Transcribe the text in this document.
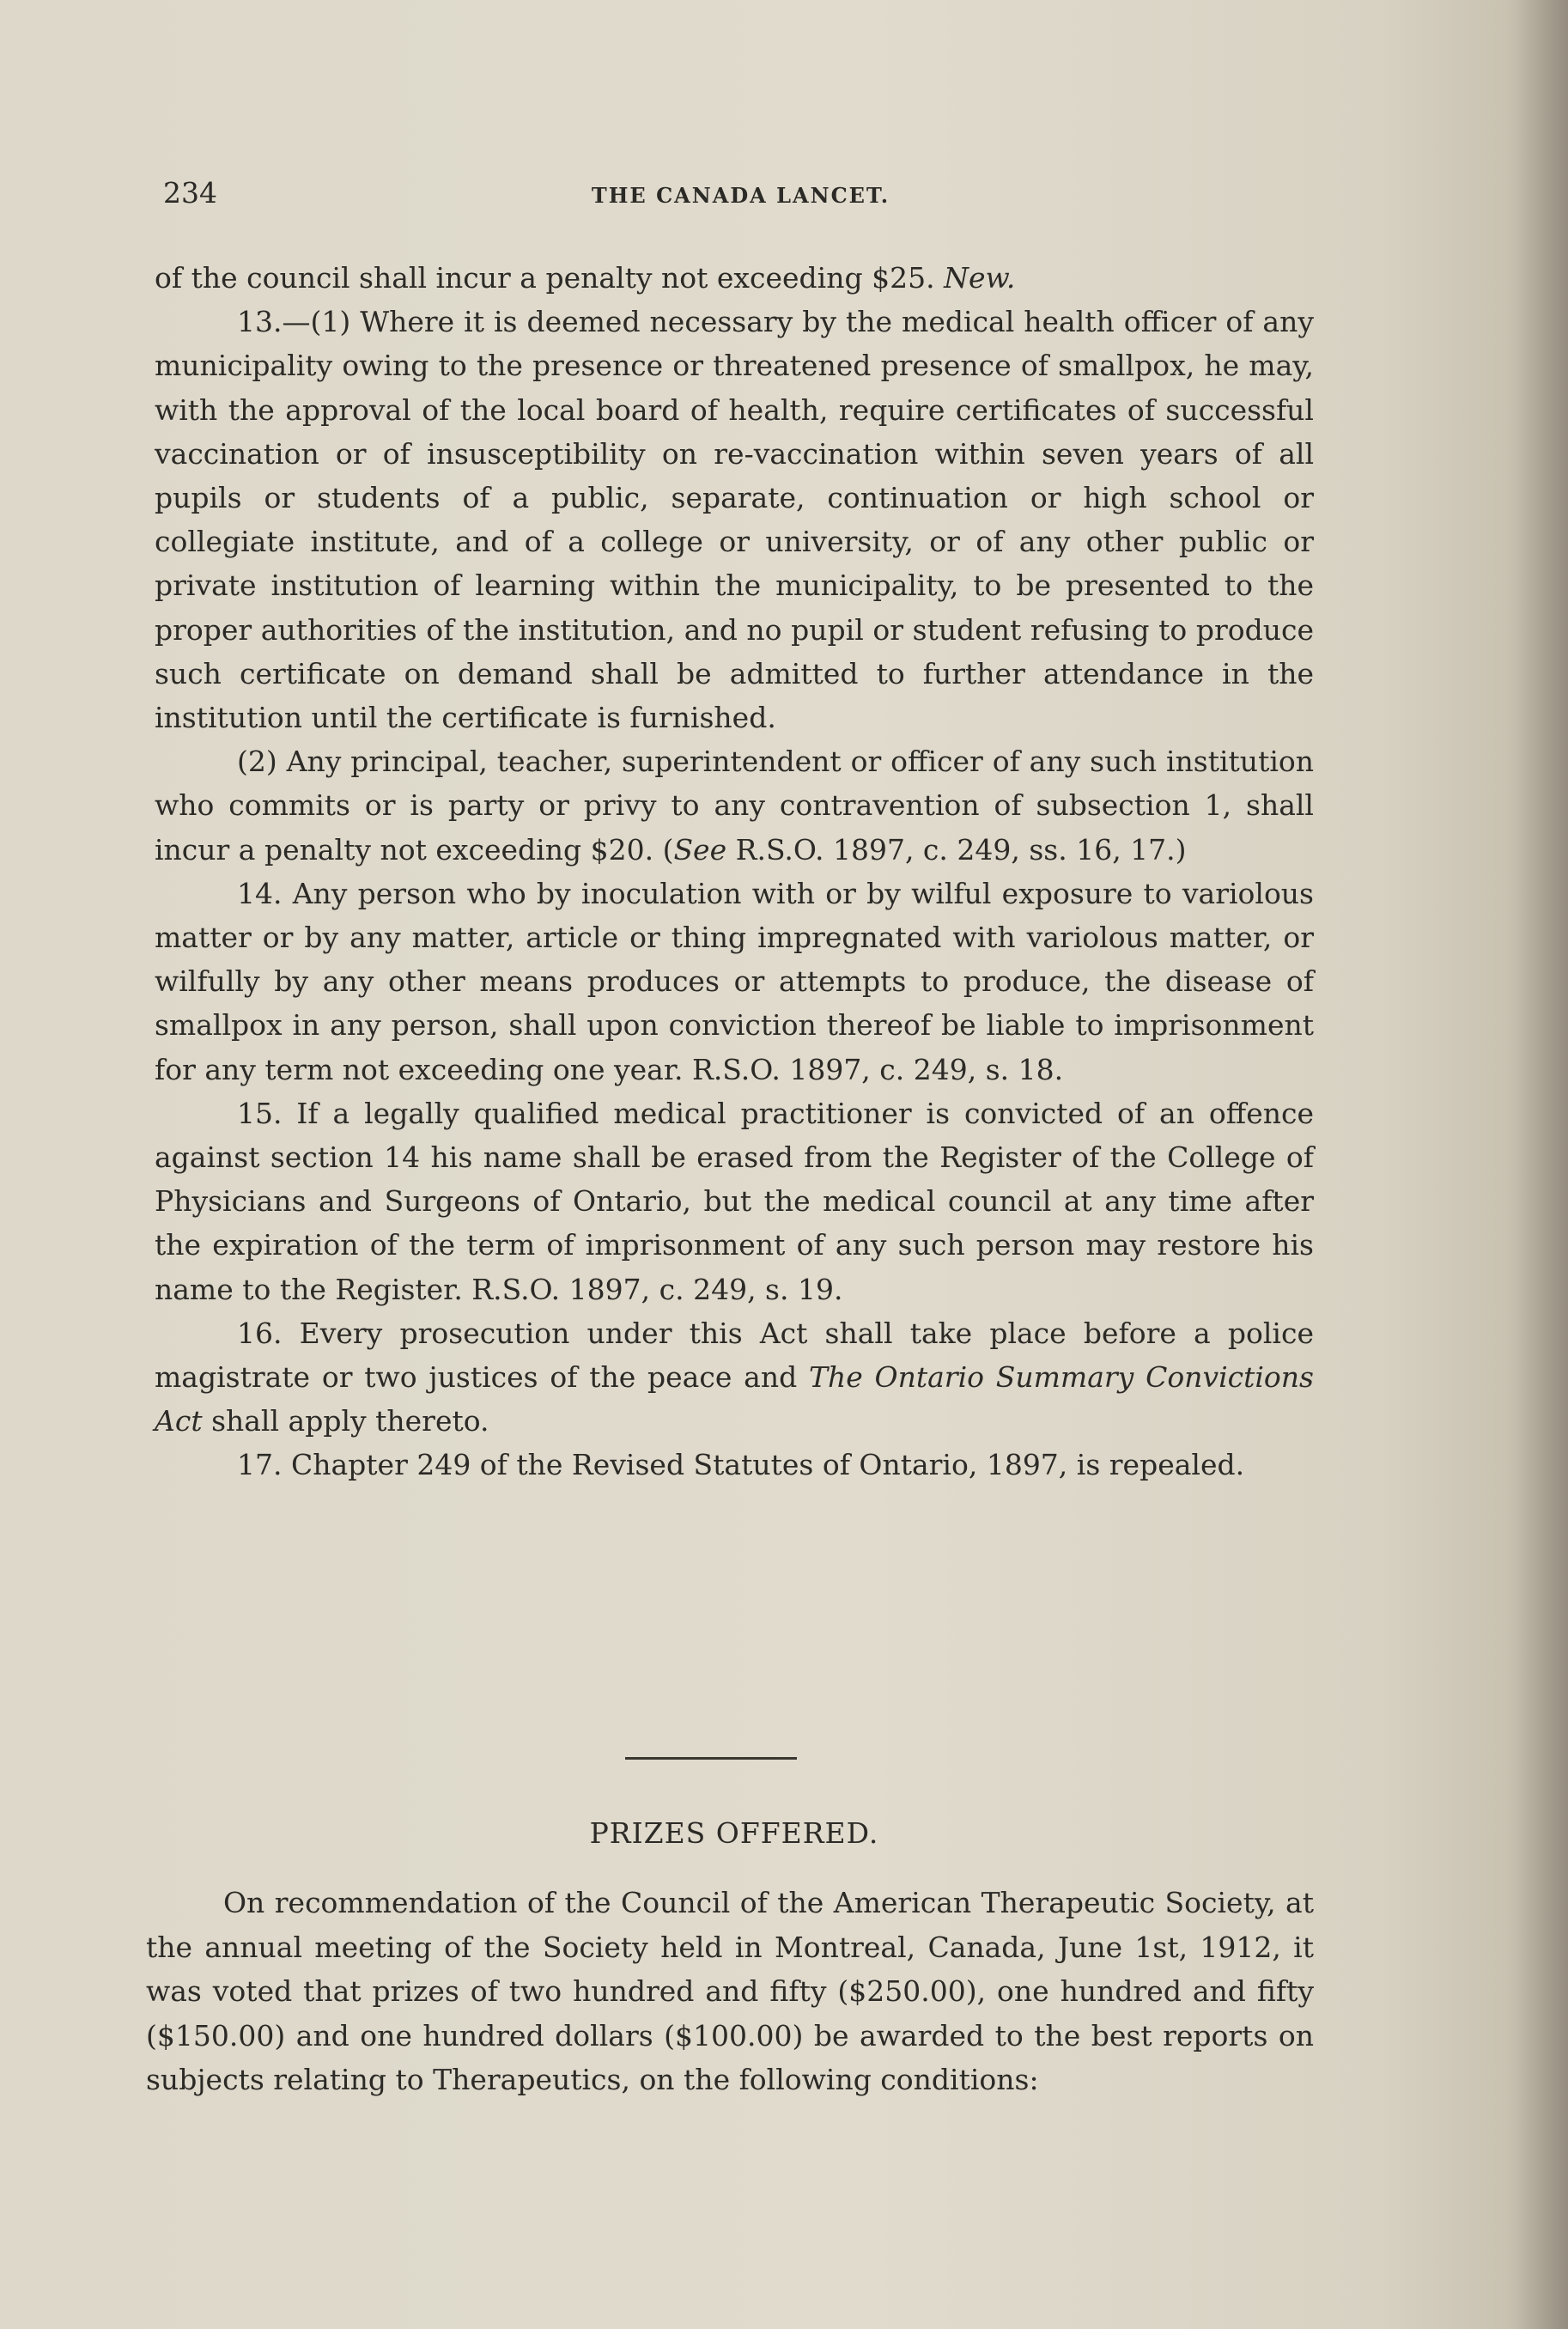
234	THE CANADA LANCET.

of the council shall incur a penalty not exceeding $25. New.

13.—(1) Where it is deemed necessary by the medical health officer of any municipality owing to the presence or threatened presence of smallpox, he may, with the approval of the local board of health, require certificates of successful vaccination or of insusceptibility on re-vaccination within seven years of all pupils or students of a public, separate, continuation or high school or collegiate institute, and of a college or university, or of any other public or private institution of learning within the municipality, to be presented to the proper authorities of the institution, and no pupil or student refusing to produce such certificate on demand shall be admitted to further attendance in the institution until the certificate is furnished.

(2) Any principal, teacher, superintendent or officer of any such institution who commits or is party or privy to any contravention of subsection 1, shall incur a penalty not exceeding $20. (See R.S.O. 1897, c. 249, ss. 16, 17.)

14. Any person who by inoculation with or by wilful exposure to variolous matter or by any matter, article or thing impregnated with variolous matter, or wilfully by any other means produces or attempts to produce, the disease of smallpox in any person, shall upon conviction thereof be liable to imprisonment for any term not exceeding one year. R.S.O. 1897, c. 249, s. 18.

15. If a legally qualified medical practitioner is convicted of an offence against section 14 his name shall be erased from the Register of the College of Physicians and Surgeons of Ontario, but the medical council at any time after the expiration of the term of imprisonment of any such person may restore his name to the Register. R.S.O. 1897, c. 249, s. 19.

16. Every prosecution under this Act shall take place before a police magistrate or two justices of the peace and The Ontario Summary Convictions Act shall apply thereto.

17. Chapter 249 of the Revised Statutes of Ontario, 1897, is repealed.

PRIZES OFFERED.

On recommendation of the Council of the American Therapeutic Society, at the annual meeting of the Society held in Montreal, Canada, June 1st, 1912, it was voted that prizes of two hundred and fifty ($250.00), one hundred and fifty ($150.00) and one hundred dollars ($100.00) be awarded to the best reports on subjects relating to Therapeutics, on the following conditions:
